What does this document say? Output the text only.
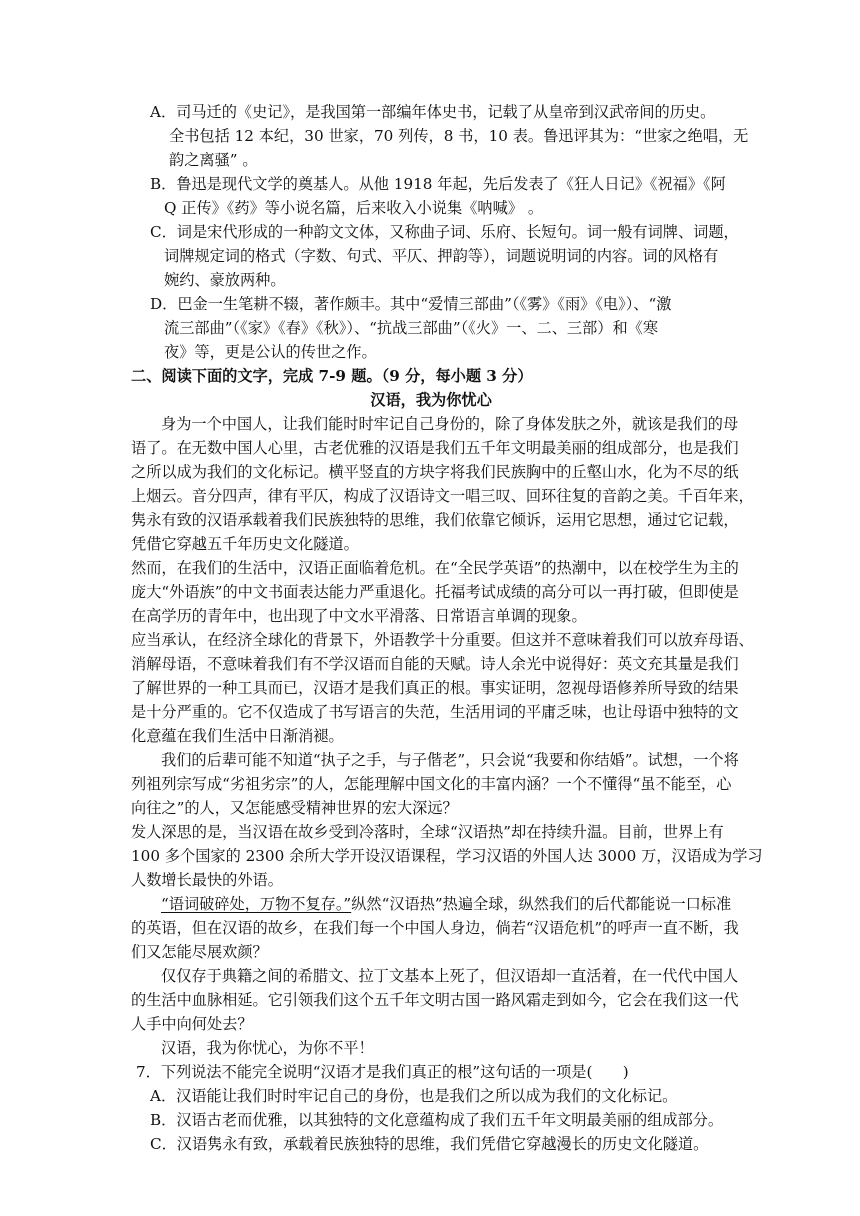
A．司马迁的《史记》，是我国第一部编年体史书，记载了从皇帝到汉武帝间的历史。
全书包括 12 本纪，30 世家，70 列传，8 书，10 表。鲁迅评其为：“世家之绝唱，无
韵之离骚” 。
B．鲁迅是现代文学的奠基人。从他 1918 年起，先后发表了《狂人日记》《祝福》《阿
Q 正传》《药》等小说名篇，后来收入小说集《呐喊》 。
C．词是宋代形成的一种韵文文体，又称曲子词、乐府、长短句。词一般有词牌、词题，
词牌规定词的格式（字数、句式、平仄、押韵等），词题说明词的内容。词的风格有
婉约、豪放两种。
D．巴金一生笔耕不辍，著作颇丰。其中“爱情三部曲”（《雾》《雨》《电》）、“激
流三部曲”（《家》《春》《秋》）、“抗战三部曲”（《火》一、二、三部）和《寒
夜》等，更是公认的传世之作。
二、阅读下面的文字，完成 7-9 题。（9 分，每小题 3 分）
汉语，我为你忧心
身为一个中国人，让我们能时时牢记自己身份的，除了身体发肤之外，就该是我们的母
语了。在无数中国人心里，古老优雅的汉语是我们五千年文明最美丽的组成部分，也是我们
之所以成为我们的文化标记。横平竖直的方块字将我们民族胸中的丘壑山水，化为不尽的纸
上烟云。音分四声，律有平仄，构成了汉语诗文一唱三叹、回环往复的音韵之美。千百年来，
隽永有致的汉语承载着我们民族独特的思维，我们依靠它倾诉，运用它思想，通过它记载，
凭借它穿越五千年历史文化隧道。
然而，在我们的生活中，汉语正面临着危机。在“全民学英语”的热潮中，以在校学生为主的
庞大“外语族”的中文书面表达能力严重退化。托福考试成绩的高分可以一再打破，但即使是
在高学历的青年中，也出现了中文水平滑落、日常语言单调的现象。
应当承认，在经济全球化的背景下，外语教学十分重要。但这并不意味着我们可以放弃母语、
消解母语，不意味着我们有不学汉语而自能的天赋。诗人余光中说得好：英文充其量是我们
了解世界的一种工具而已，汉语才是我们真正的根。事实证明，忽视母语修养所导致的结果
是十分严重的。它不仅造成了书写语言的失范，生活用词的平庸乏味，也让母语中独特的文
化意蕴在我们生活中日渐消褪。
我们的后辈可能不知道“执子之手，与子偕老”，只会说“我要和你结婚”。试想，一个将
列祖列宗写成“劣祖劣宗”的人，怎能理解中国文化的丰富内涵？一个不懂得“虽不能至，心
向往之”的人，又怎能感受精神世界的宏大深远？
发人深思的是，当汉语在故乡受到冷落时，全球“汉语热”却在持续升温。目前，世界上有
100 多个国家的 2300 余所大学开设汉语课程，学习汉语的外国人达 3000 万，汉语成为学习
人数增长最快的外语。
“语词破碎处，万物不复存。”纵然“汉语热”热遍全球，纵然我们的后代都能说一口标准
的英语，但在汉语的故乡，在我们每一个中国人身边，倘若“汉语危机”的呼声一直不断，我
们又怎能尽展欢颜？
仅仅存于典籍之间的希腊文、拉丁文基本上死了，但汉语却一直活着，在一代代中国人
的生活中血脉相延。它引领我们这个五千年文明古国一路风霜走到如今，它会在我们这一代
人手中向何处去？
汉语，我为你忧心，为你不平！
7．下列说法不能完全说明“汉语才是我们真正的根”这句话的一项是(　　)
A．汉语能让我们时时牢记自己的身份，也是我们之所以成为我们的文化标记。
B．汉语古老而优雅，以其独特的文化意蕴构成了我们五千年文明最美丽的组成部分。
C．汉语隽永有致，承载着民族独特的思维，我们凭借它穿越漫长的历史文化隧道。
